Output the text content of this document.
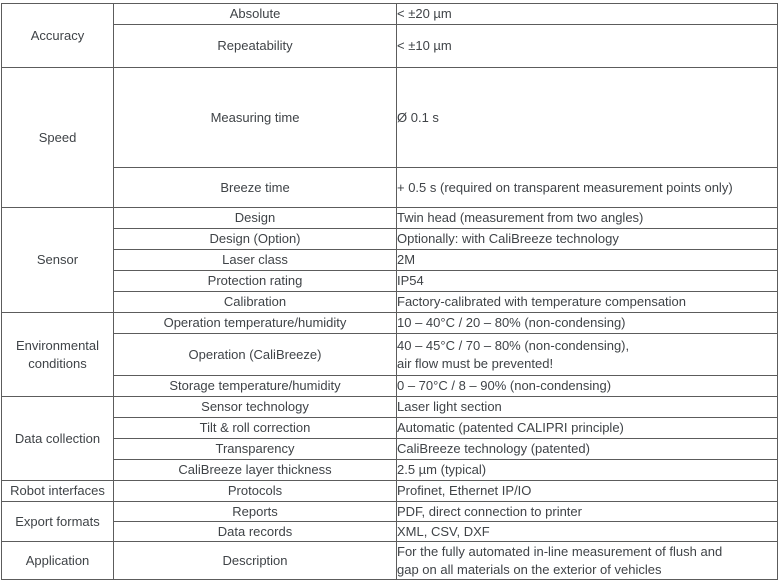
Accuracy	Absolute	< ±20 µm
	Repeatability	< ±10 µm
Speed	Measuring time	Ø 0.1 s
	Breeze time	+ 0.5 s (required on transparent measurement points only)
Sensor	Design	Twin head (measurement from two angles)
	Design (Option)	Optionally: with CaliBreeze technology
	Laser class	2M
	Protection rating	IP54
	Calibration	Factory-calibrated with temperature compensation
Environmental conditions	Operation temperature/humidity	10 – 40°C / 20 – 80% (non-condensing)
	Operation (CaliBreeze)	40 – 45°C / 70 – 80% (non-condensing),
air flow must be prevented!

	Storage temperature/humidity	0 – 70°C / 8 – 90% (non-condensing)
Data collection	Sensor technology	Laser light section
	Tilt & roll correction	Automatic (patented CALIPRI principle)
	Transparency	CaliBreeze technology (patented)
	CaliBreeze layer thickness	2.5 µm (typical)
Robot interfaces	Protocols	Profinet, Ethernet IP/IO
Export formats	Reports	PDF, direct connection to printer
	Data records	XML, CSV, DXF
Application	Description	For the fully automated in-line measurement of flush and
gap on all materials on the exterior of vehicles
